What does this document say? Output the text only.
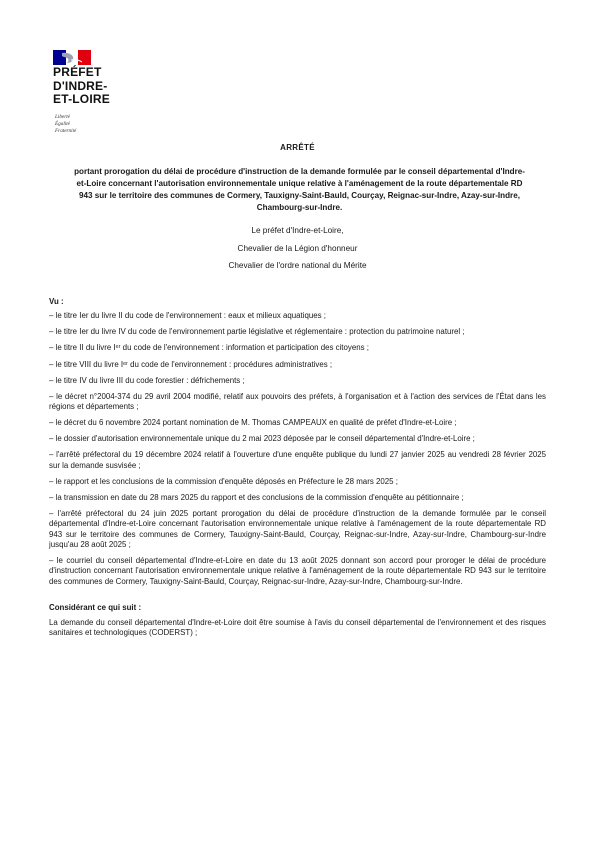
PRÉFET
D'INDRE-
ET-LOIRE
Liberté
Égalité
Fraternité
ARRÊTÉ
portant prorogation du délai de procédure d'instruction de la demande formulée par le conseil départemental d'Indre-et-Loire concernant l'autorisation environnementale unique relative à l'aménagement de la route départementale RD 943 sur le territoire des communes de Cormery, Tauxigny-Saint-Bauld, Courçay, Reignac-sur-Indre, Azay-sur-Indre, Chambourg-sur-Indre.
Le préfet d'Indre-et-Loire,
Chevalier de la Légion d'honneur
Chevalier de l'ordre national du Mérite
Vu :
– le titre Ier du livre II du code de l'environnement : eaux et milieux aquatiques ;
– le titre Ier du livre IV du code de l'environnement partie législative et réglementaire : protection du patrimoine naturel ;
– le titre II du livre Iᵉʳ du code de l'environnement : information et participation des citoyens ;
– le titre VIII du livre Iᵉʳ du code de l'environnement : procédures administratives ;
– le titre IV du livre III du code forestier : défrichements ;
– le décret n°2004-374 du 29 avril 2004 modifié, relatif aux pouvoirs des préfets, à l'organisation et à l'action des services de l'État dans les régions et départements ;
– le décret du 6 novembre 2024 portant nomination de M. Thomas CAMPEAUX en qualité de préfet d'Indre-et-Loire ;
– le dossier d'autorisation environnementale unique du 2 mai 2023 déposée par le conseil départemental d'Indre-et-Loire ;
– l'arrêté préfectoral du 19 décembre 2024 relatif à l'ouverture d'une enquête publique du lundi 27 janvier 2025 au vendredi 28 février 2025 sur la demande susvisée ;
– le rapport et les conclusions de la commission d'enquête déposés en Préfecture le 28 mars 2025 ;
– la transmission en date du 28 mars 2025 du rapport et des conclusions de la commission d'enquête au pétitionnaire ;
– l'arrêté préfectoral du 24 juin 2025 portant prorogation du délai de procédure d'instruction de la demande formulée par le conseil départemental d'Indre-et-Loire concernant l'autorisation environnementale unique relative à l'aménagement de la route départementale RD 943 sur le territoire des communes de Cormery, Tauxigny-Saint-Bauld, Courçay, Reignac-sur-Indre, Azay-sur-Indre, Chambourg-sur-Indre jusqu'au 28 août 2025 ;
– le courriel du conseil départemental d'Indre-et-Loire en date du 13 août 2025 donnant son accord pour proroger le délai de procédure d'instruction concernant l'autorisation environnementale unique relative à l'aménagement de la route départementale RD 943 sur le territoire des communes de Cormery, Tauxigny-Saint-Bauld, Courçay, Reignac-sur-Indre, Azay-sur-Indre, Chambourg-sur-Indre.
Considérant ce qui suit :
La demande du conseil départemental d'Indre-et-Loire doit être soumise à l'avis du conseil départemental de l'environnement et des risques sanitaires et technologiques (CODERST) ;
